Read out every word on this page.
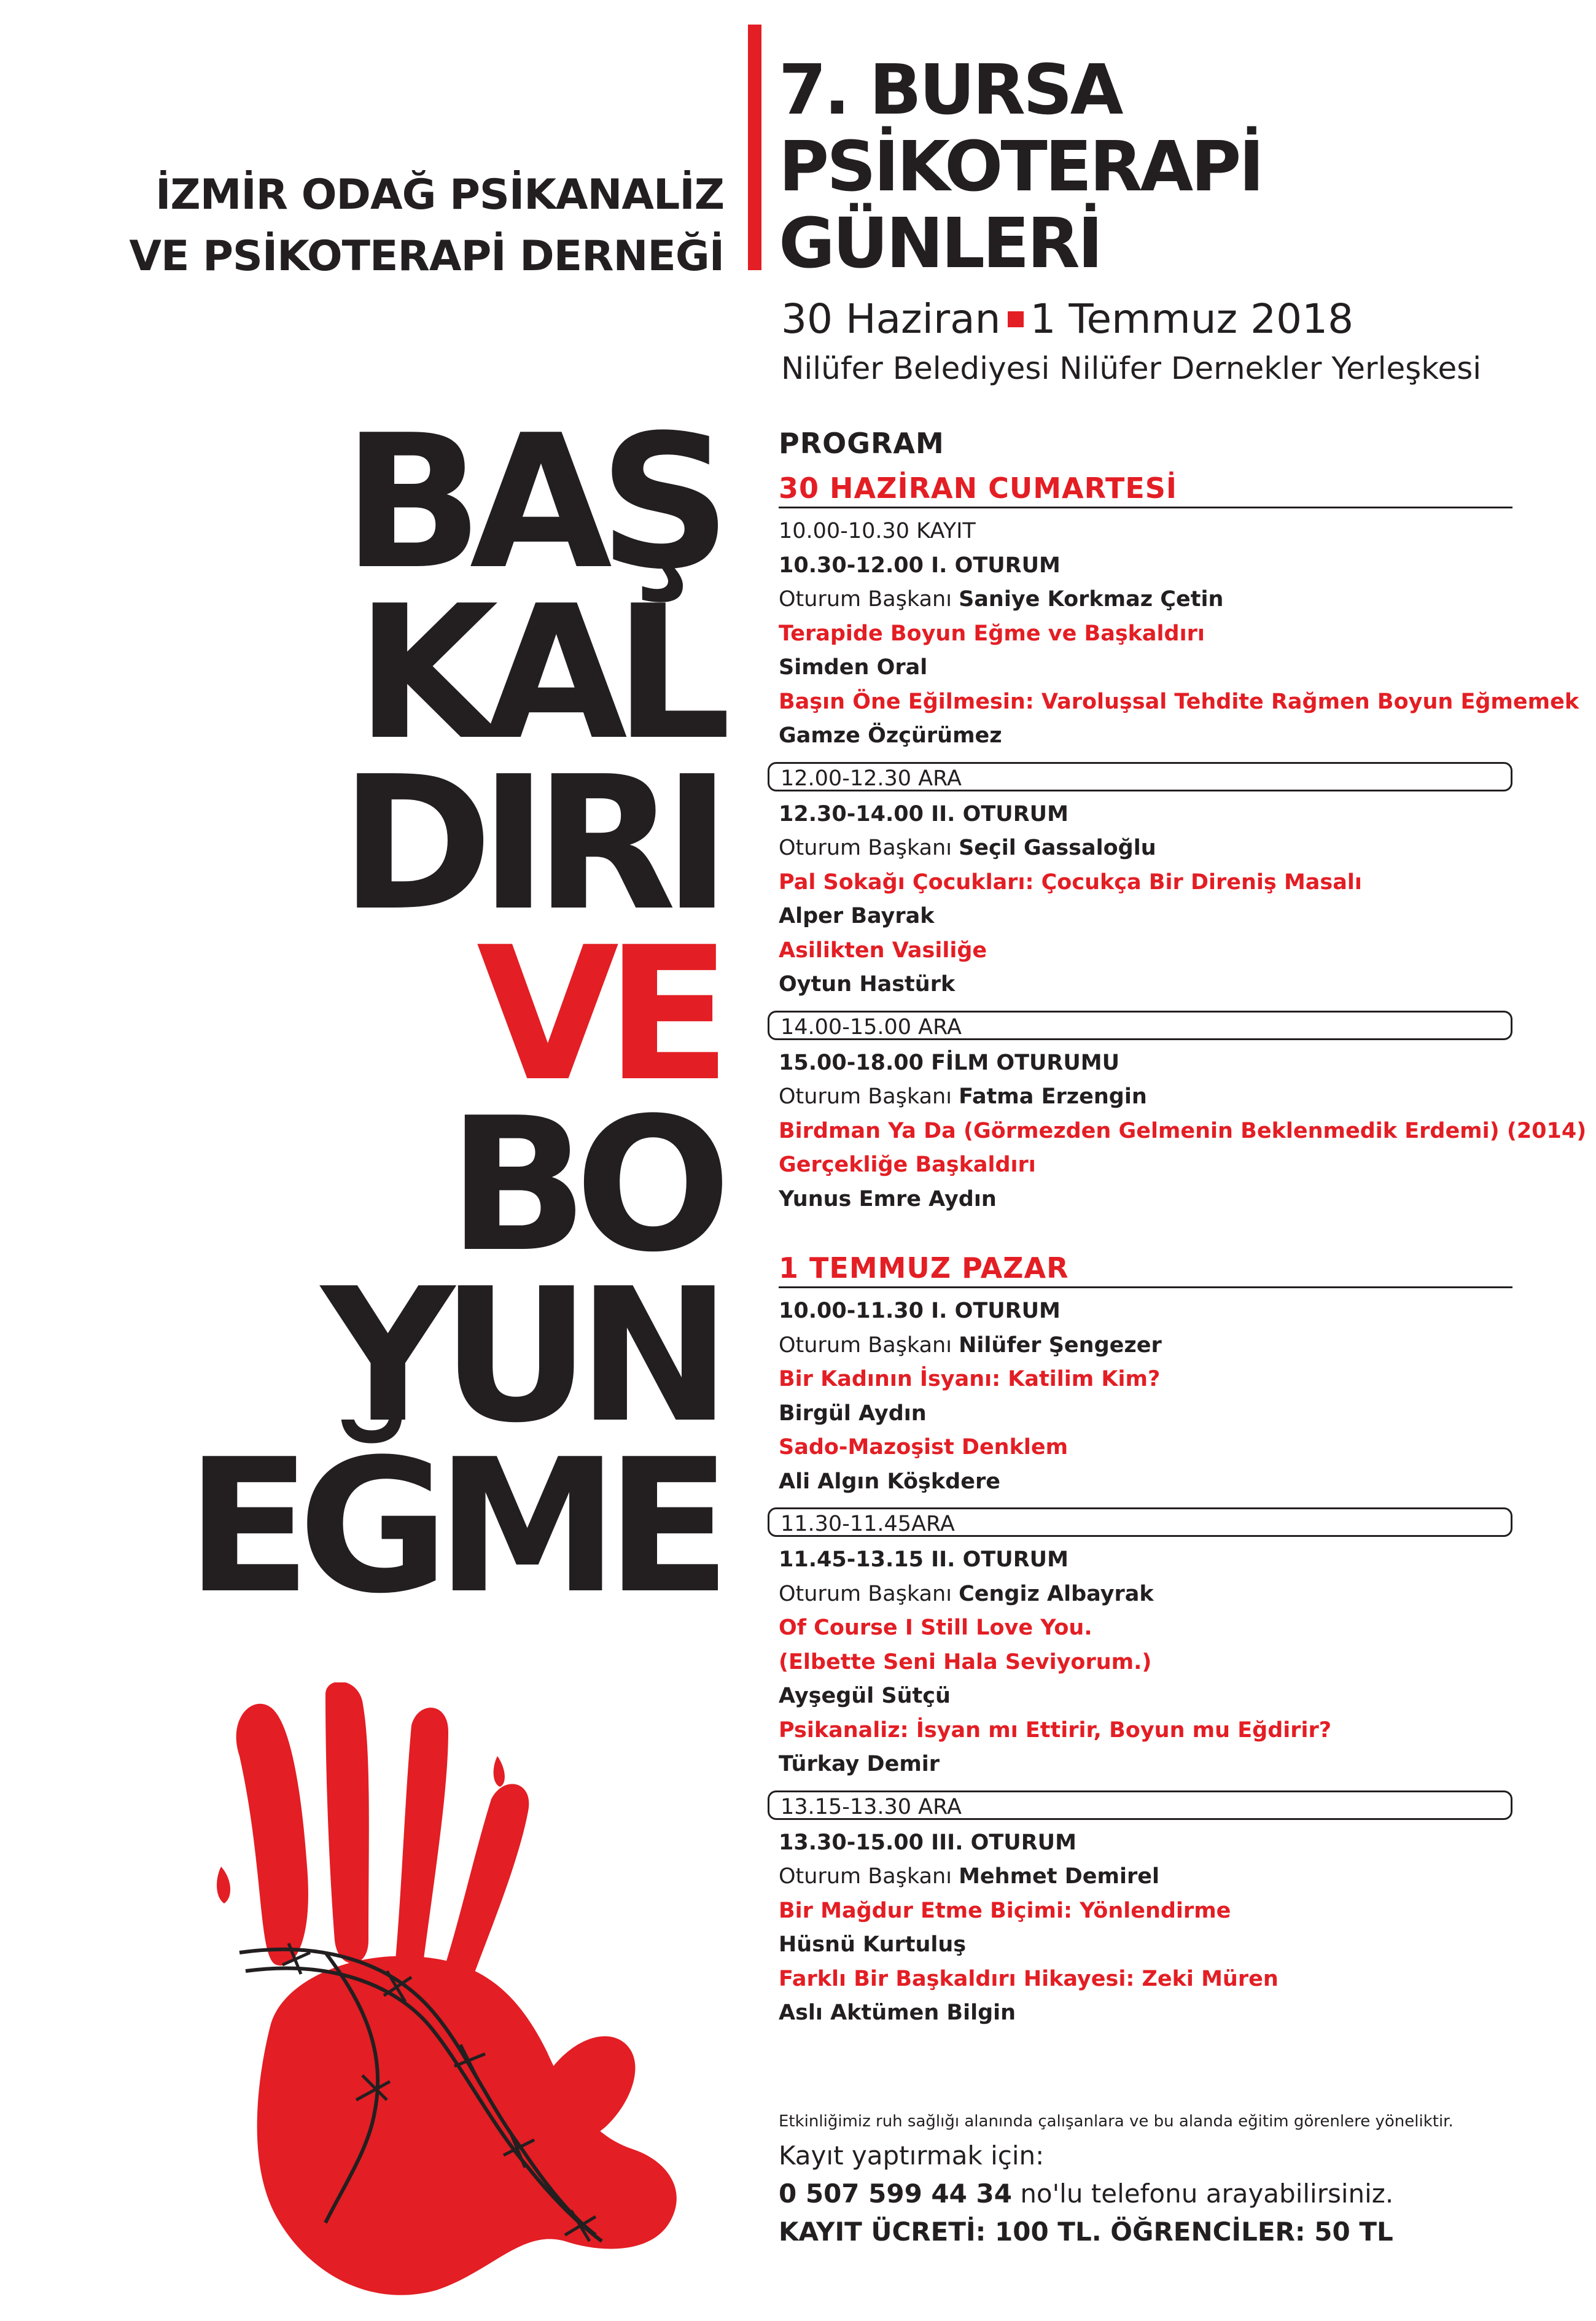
İZMİR ODAĞ PSİKANALİZ
VE PSİKOTERAPİ DERNEĞİ
7. BURSA
PSİKOTERAPİ
GÜNLERİ
30 Haziran 1 Temmuz 2018
Nilüfer Belediyesi Nilüfer Dernekler Yerleşkesi
BAŞ
KAL
DIRI
VE
BO
YUN
EĞME
PROGRAM
30 HAZİRAN CUMARTESİ
10.00-10.30 KAYIT
10.30-12.00 I. OTURUM
Oturum Başkanı Saniye Korkmaz Çetin
Terapide Boyun Eğme ve Başkaldırı
Simden Oral
Başın Öne Eğilmesin: Varoluşsal Tehdite Rağmen Boyun Eğmemek
Gamze Özçürümez
12.00-12.30 ARA
12.30-14.00 II. OTURUM
Oturum Başkanı Seçil Gassaloğlu
Pal Sokağı Çocukları: Çocukça Bir Direniş Masalı
Alper Bayrak
Asilikten Vasiliğe
Oytun Hastürk
14.00-15.00 ARA
15.00-18.00 FİLM OTURUMU
Oturum Başkanı Fatma Erzengin
Birdman Ya Da (Görmezden Gelmenin Beklenmedik Erdemi) (2014)
Gerçekliğe Başkaldırı
Yunus Emre Aydın
1 TEMMUZ PAZAR
10.00-11.30 I. OTURUM
Oturum Başkanı Nilüfer Şengezer
Bir Kadının İsyanı: Katilim Kim?
Birgül Aydın
Sado-Mazoşist Denklem
Ali Algın Köşkdere
11.30-11.45ARA
11.45-13.15 II. OTURUM
Oturum Başkanı Cengiz Albayrak
Of Course I Still Love You.
(Elbette Seni Hala Seviyorum.)
Ayşegül Sütçü
Psikanaliz: İsyan mı Ettirir, Boyun mu Eğdirir?
Türkay Demir
13.15-13.30 ARA
13.30-15.00 III. OTURUM
Oturum Başkanı Mehmet Demirel
Bir Mağdur Etme Biçimi: Yönlendirme
Hüsnü Kurtuluş
Farklı Bir Başkaldırı Hikayesi: Zeki Müren
Aslı Aktümen Bilgin
Etkinliğimiz ruh sağlığı alanında çalışanlara ve bu alanda eğitim görenlere yöneliktir.
Kayıt yaptırmak için:
0 507 599 44 34 no'lu telefonu arayabilirsiniz.
KAYIT ÜCRETİ: 100 TL. ÖĞRENCİLER: 50 TL
